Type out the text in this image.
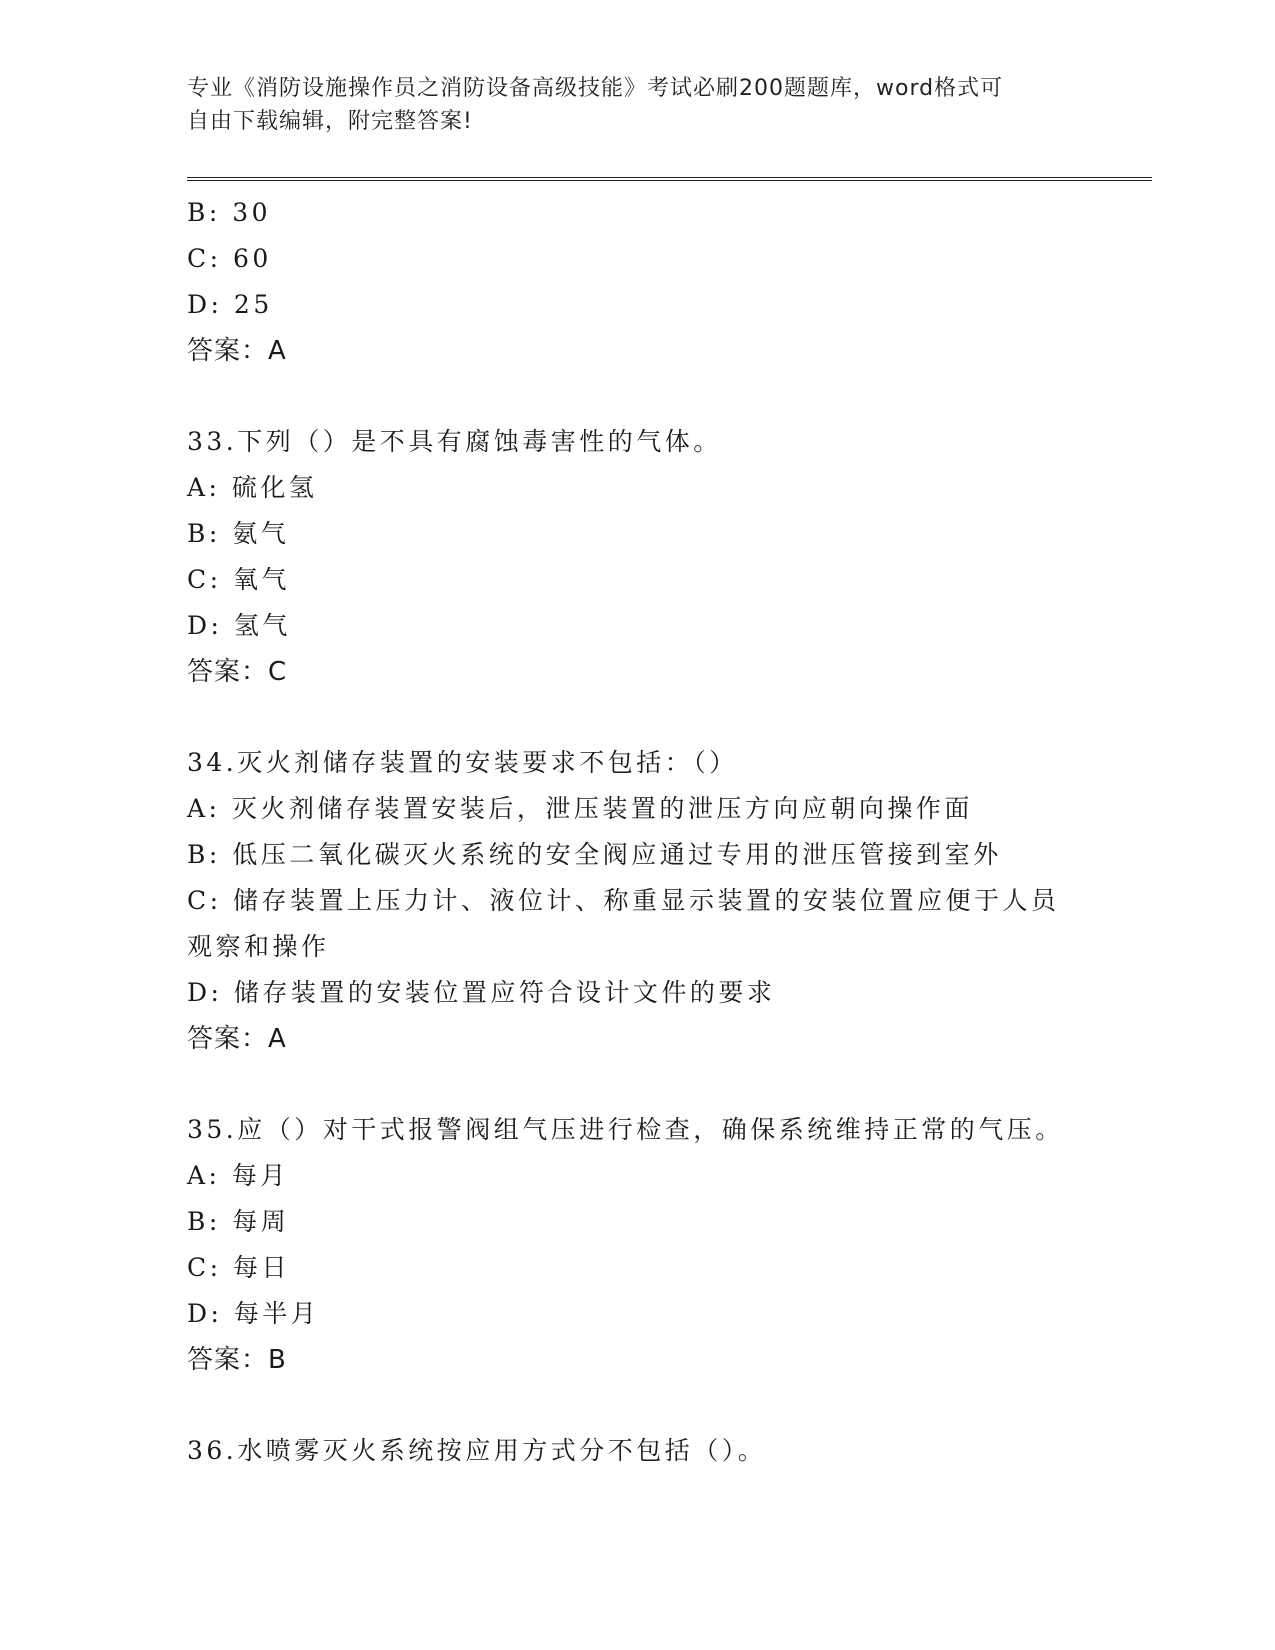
专业《消防设施操作员之消防设备高级技能》考试必刷200题题库，word格式可
自由下载编辑，附完整答案!
B: 30
C: 60
D: 25
答案：A
33.下列（）是不具有腐蚀毒害性的气体。
A: 硫化氢
B: 氨气
C: 氧气
D: 氢气
答案：C
34.灭火剂储存装置的安装要求不包括：（）
A: 灭火剂储存装置安装后，泄压装置的泄压方向应朝向操作面
B: 低压二氧化碳灭火系统的安全阀应通过专用的泄压管接到室外
C: 储存装置上压力计、液位计、称重显示装置的安装位置应便于人员
观察和操作
D: 储存装置的安装位置应符合设计文件的要求
答案：A
35.应（）对干式报警阀组气压进行检查，确保系统维持正常的气压。
A: 每月
B: 每周
C: 每日
D: 每半月
答案：B
36.水喷雾灭火系统按应用方式分不包括（）。
